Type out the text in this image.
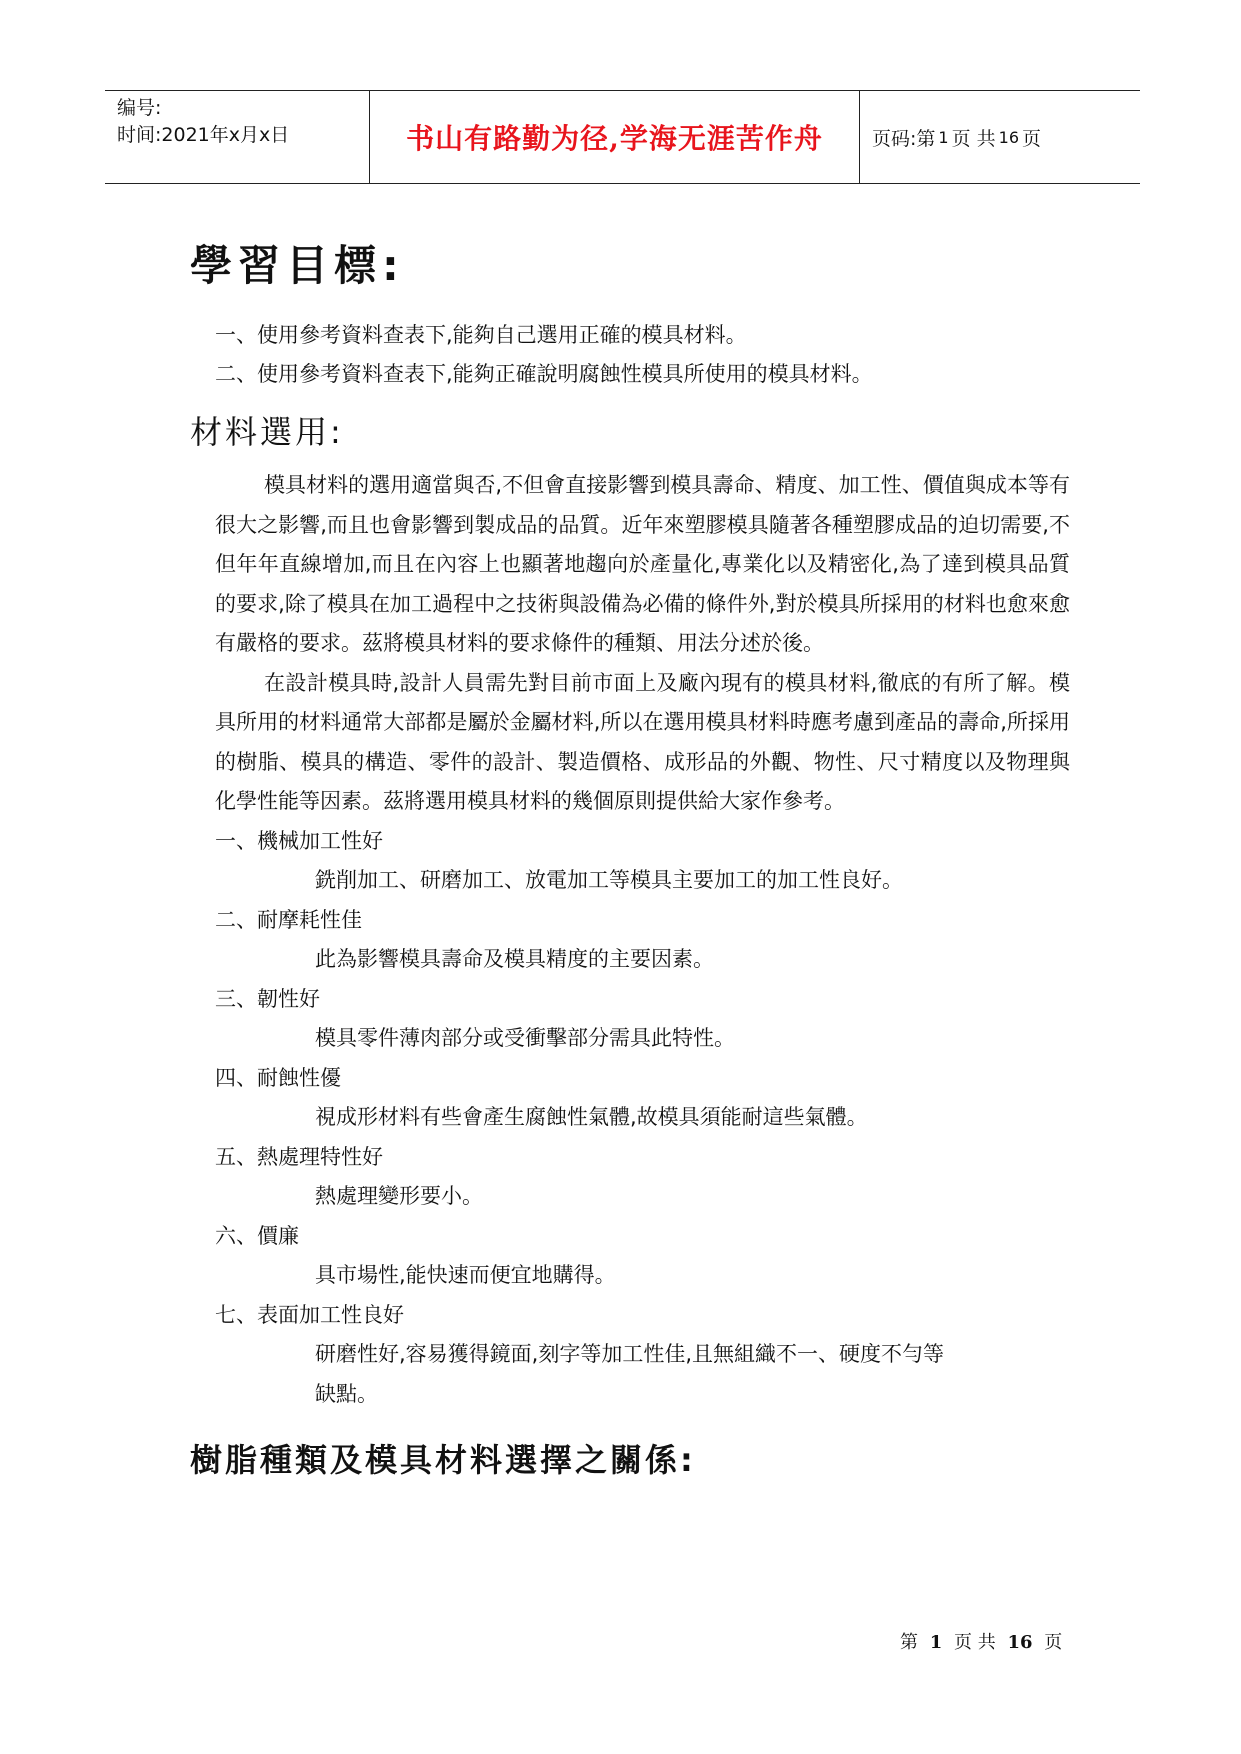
编号:
时间:2021年x月x日	书山有路勤为径,学海无涯苦作舟	页码:第 1 页 共 16 页
學習目標:
一、使用參考資料查表下,能夠自己選用正確的模具材料。
二、使用參考資料查表下,能夠正確說明腐蝕性模具所使用的模具材料。
材料選用:

模具材料的選用適當與否,不但會直接影響到模具壽命、精度、加工性、價值與成本等有很大之影響,而且也會影響到製成品的品質。近年來塑膠模具隨著各種塑膠成品的迫切需要,不但年年直線增加,而且在內容上也顯著地趨向於產量化,專業化以及精密化,為了達到模具品質的要求,除了模具在加工過程中之技術與設備為必備的條件外,對於模具所採用的材料也愈來愈有嚴格的要求。茲將模具材料的要求條件的種類、用法分述於後。

在設計模具時,設計人員需先對目前市面上及廠內現有的模具材料,徹底的有所了解。模具所用的材料通常大部都是屬於金屬材料,所以在選用模具材料時應考慮到產品的壽命,所採用的樹脂、模具的構造、零件的設計、製造價格、成形品的外觀、物性、尺寸精度以及物理與化學性能等因素。茲將選用模具材料的幾個原則提供給大家作參考。

一、機械加工性好
銑削加工、研磨加工、放電加工等模具主要加工的加工性良好。
二、耐摩耗性佳
此為影響模具壽命及模具精度的主要因素。
三、韌性好
模具零件薄肉部分或受衝擊部分需具此特性。
四、耐蝕性優
視成形材料有些會產生腐蝕性氣體,故模具須能耐這些氣體。
五、熱處理特性好
熱處理變形要小。
六、價廉
具市場性,能快速而便宜地購得。
七、表面加工性良好
研磨性好,容易獲得鏡面,刻字等加工性佳,且無組織不一、硬度不勻等缺點。
樹脂種類及模具材料選擇之關係:
第 1 页 共 16 页
